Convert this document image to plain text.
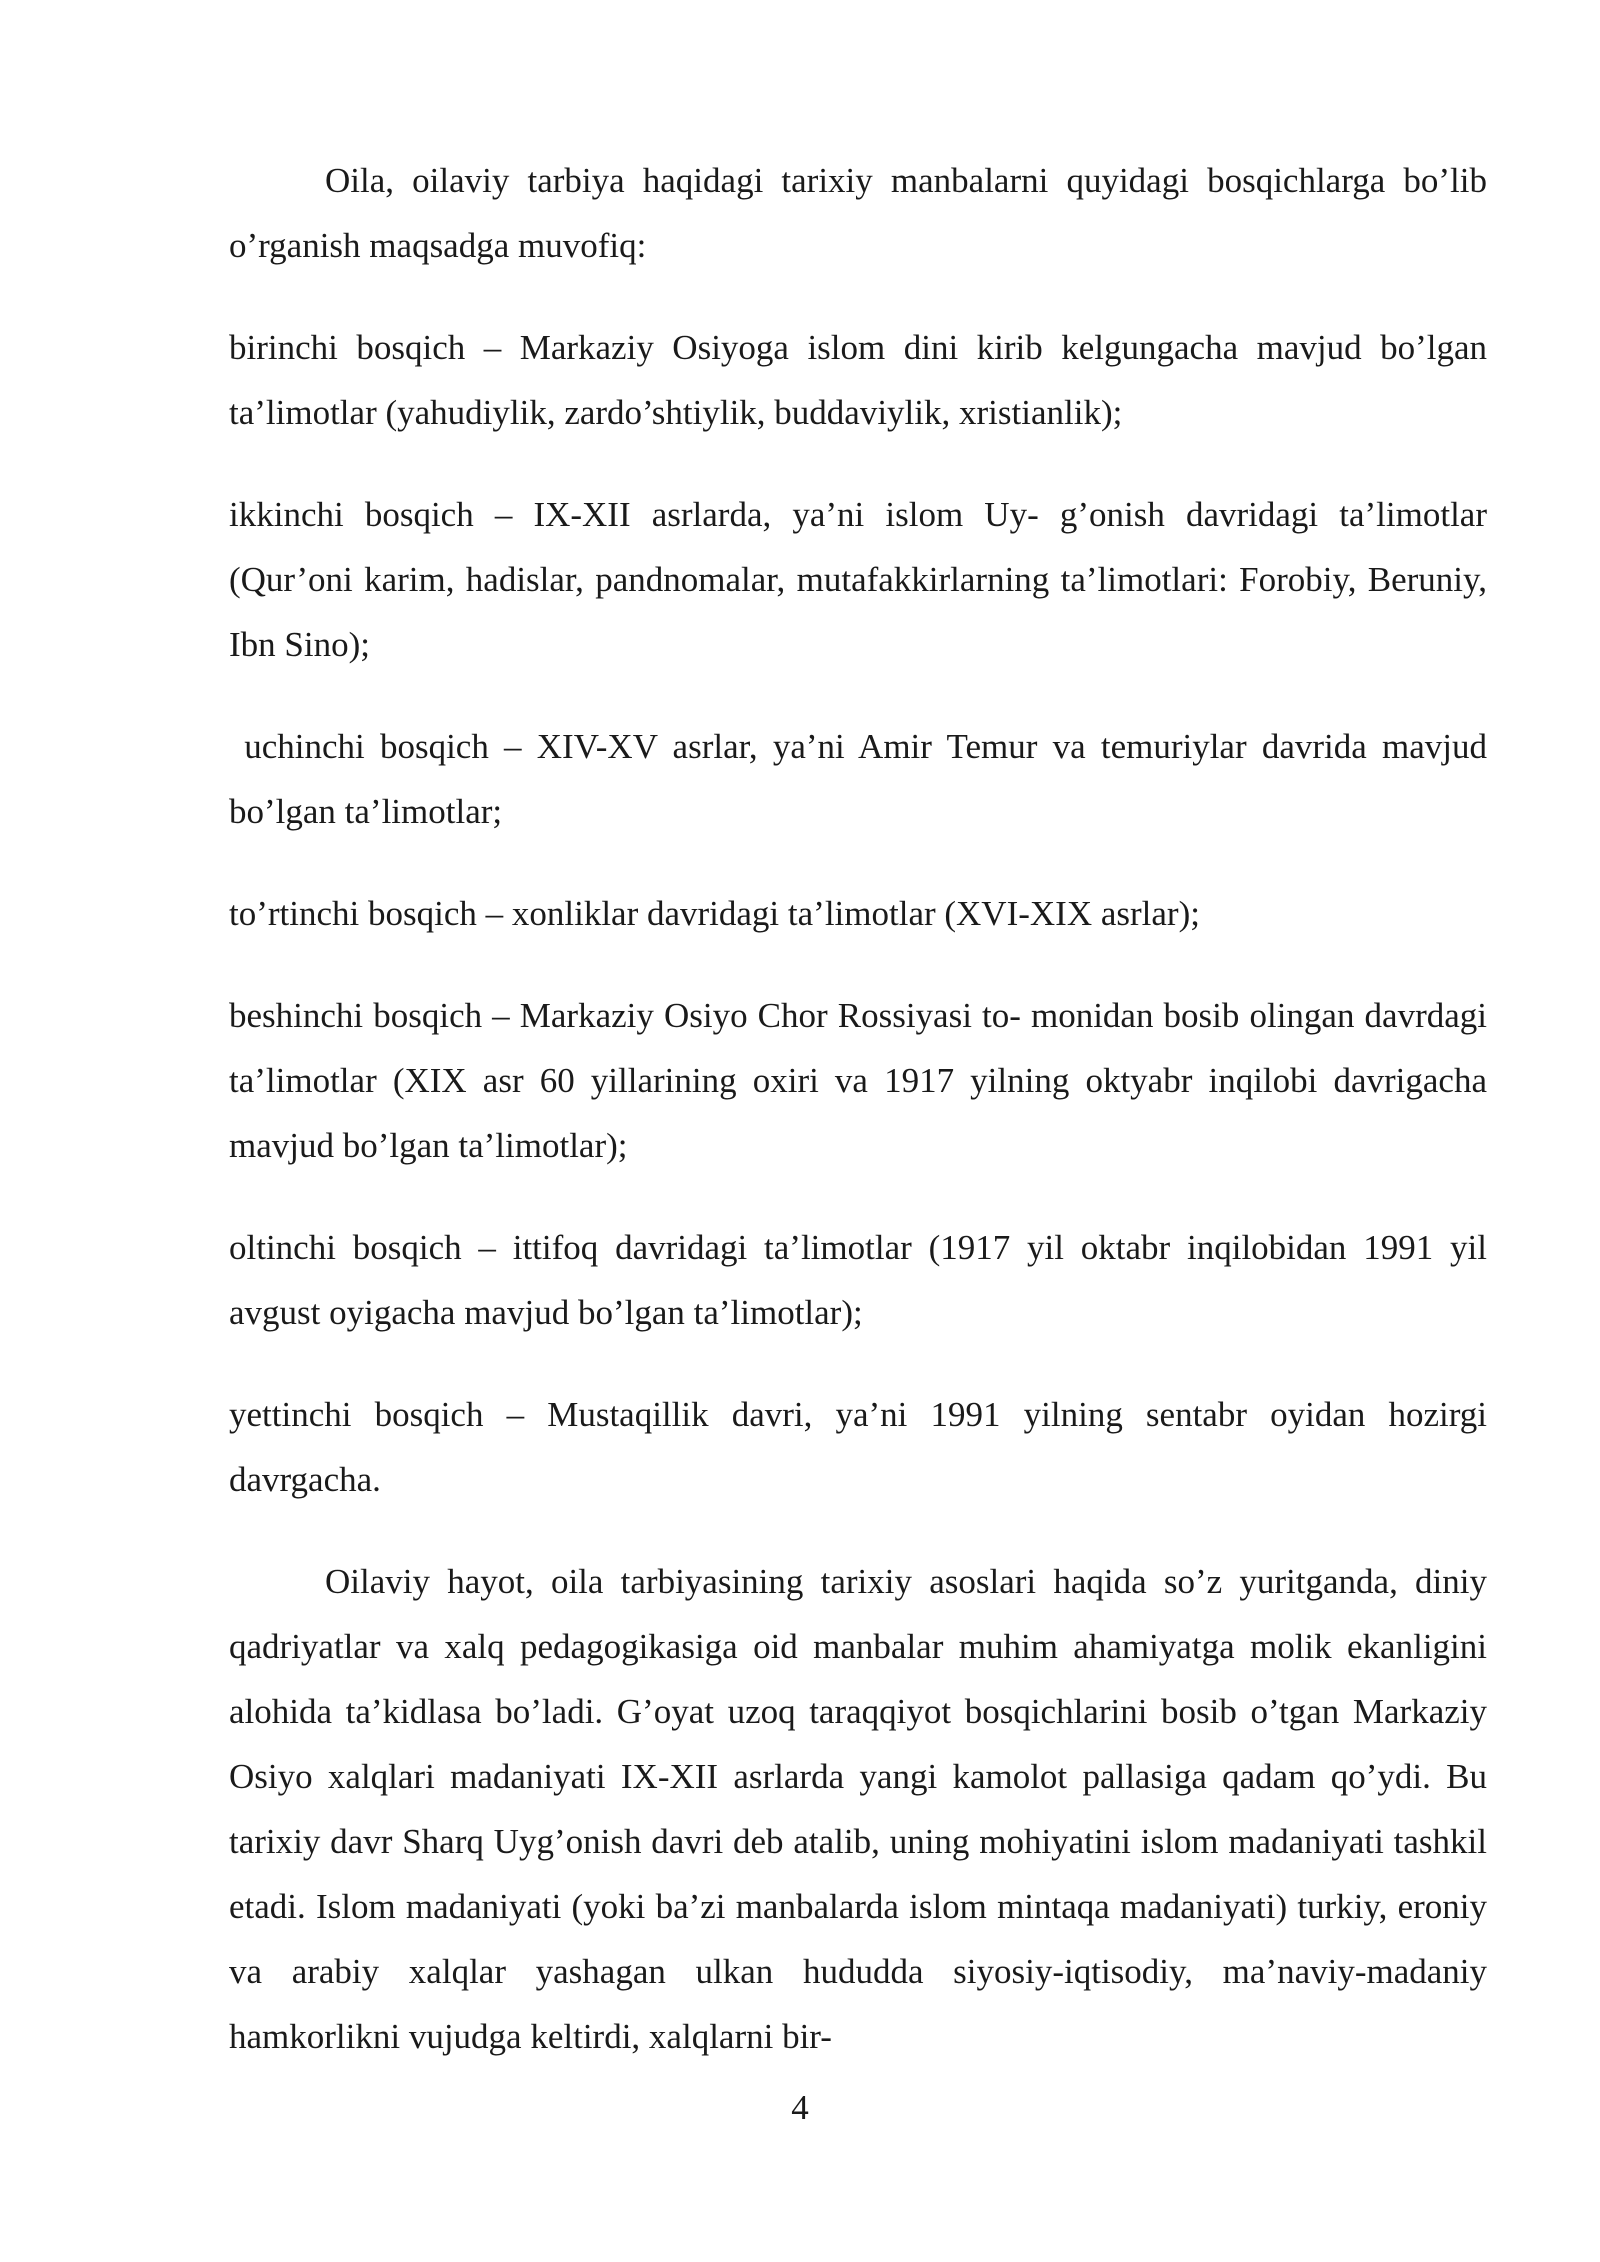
Oila, oilaviy tarbiya haqidagi tarixiy manbalarni quyidagi bosqichlarga bo’lib o’rganish maqsadga muvofiq:

birinchi bosqich – Markaziy Osiyoga islom dini kirib kelgungacha mavjud bo’lgan ta’limotlar (yahudiylik, zardo’shtiylik, buddaviylik, xristianlik);

ikkinchi bosqich – IX-XII asrlarda, ya’ni islom Uy- g’onish davridagi ta’limotlar (Qur’oni karim, hadislar, pandnomalar, mutafakkirlarning ta’limotlari: Forobiy, Beruniy, Ibn Sino);

uchinchi bosqich – XIV-XV asrlar, ya’ni Amir Temur va temuriylar davrida mavjud bo’lgan ta’limotlar;

to’rtinchi bosqich – xonliklar davridagi ta’limotlar (XVI-XIX asrlar);

beshinchi bosqich – Markaziy Osiyo Chor Rossiyasi to- monidan bosib olingan davrdagi ta’limotlar (XIX asr 60 yillarining oxiri va 1917 yilning oktyabr inqilobi davrigacha mavjud bo’lgan ta’limotlar);

oltinchi bosqich – ittifoq davridagi ta’limotlar (1917 yil oktabr inqilobidan 1991 yil avgust oyigacha mavjud bo’lgan ta’limotlar);

yettinchi bosqich – Mustaqillik davri, ya’ni 1991 yilning sentabr oyidan hozirgi davrgacha.

Oilaviy hayot, oila tarbiyasining tarixiy asoslari haqida so’z yuritganda, diniy qadriyatlar va xalq pedagogikasiga oid manbalar muhim ahamiyatga molik ekanligini alohida ta’kidlasa bo’ladi. G’oyat uzoq taraqqiyot bosqichlarini bosib o’tgan Markaziy Osiyo xalqlari madaniyati IX-XII asrlarda yangi kamolot pallasiga qadam qo’ydi. Bu tarixiy davr Sharq Uyg’onish davri deb atalib, uning mohiyatini islom madaniyati tashkil etadi. Islom madaniyati (yoki ba’zi manbalarda islom mintaqa madaniyati) turkiy, eroniy va arabiy xalqlar yashagan ulkan hududda siyosiy-iqtisodiy, ma’naviy-madaniy hamkorlikni vujudga keltirdi, xalqlarni bir-

4
